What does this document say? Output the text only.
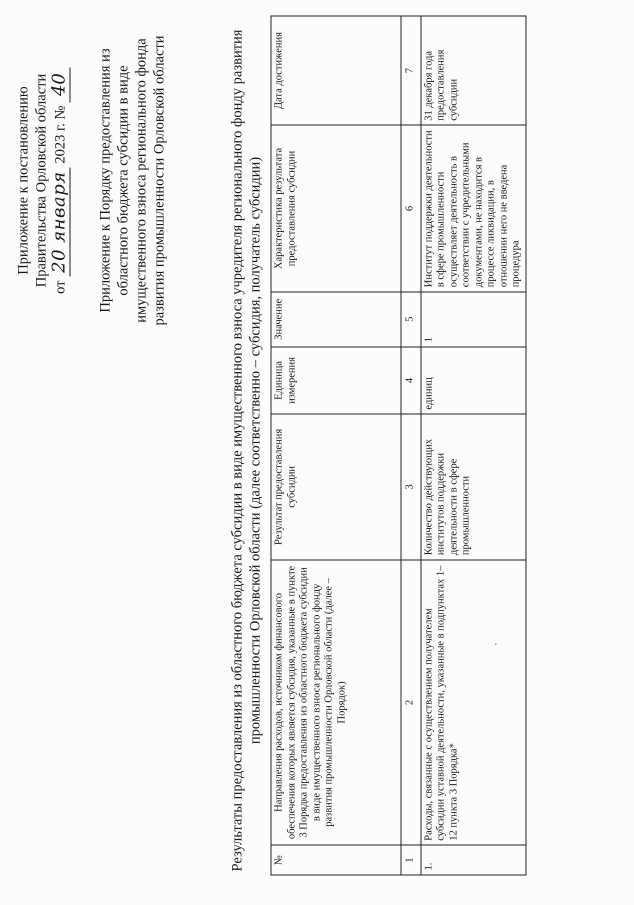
Приложение к постановлению Правительства Орловской области от 20 января 2023 г. № 40 Приложение к Порядку предоставления из областного бюджета субсидии в виде имущественного взноса регионального фонда развития промышленности Орловской области	Результаты предоставления из областного бюджета субсидии в виде имущественного взноса учредителя регионального фонду развития промышленности Орловской области (далее соответственно – субсидия, получатель субсидии)
№	Направления расходов, источником финансового обеспечения которых является субсидия, указанные в пункте 3 Порядка предоставления из областного бюджета субсидии в виде имущественного взноса регионального фонду развития промышленности Орловской области (далее – Порядок)	Результат предоставления субсидии	Единица измерения	Значение	Характеристика результата предоставления субсидии	Дата достижения
1	2	3	4	5	6	7
1.	Расходы, связанные с осуществлением получателем субсидии уставной деятельности, указанные в подпунктах 1–12 пункта 3 Порядка*	Количество действующих институтов поддержки деятельности в сфере промышленности	единиц	1	Институт поддержки деятельности в сфере промышленности осуществляет деятельность в соответствии с учредительными документами, не находится в процессе ликвидации, в отношении него не введена процедура	31 декабря года предоставления субсидии
.
